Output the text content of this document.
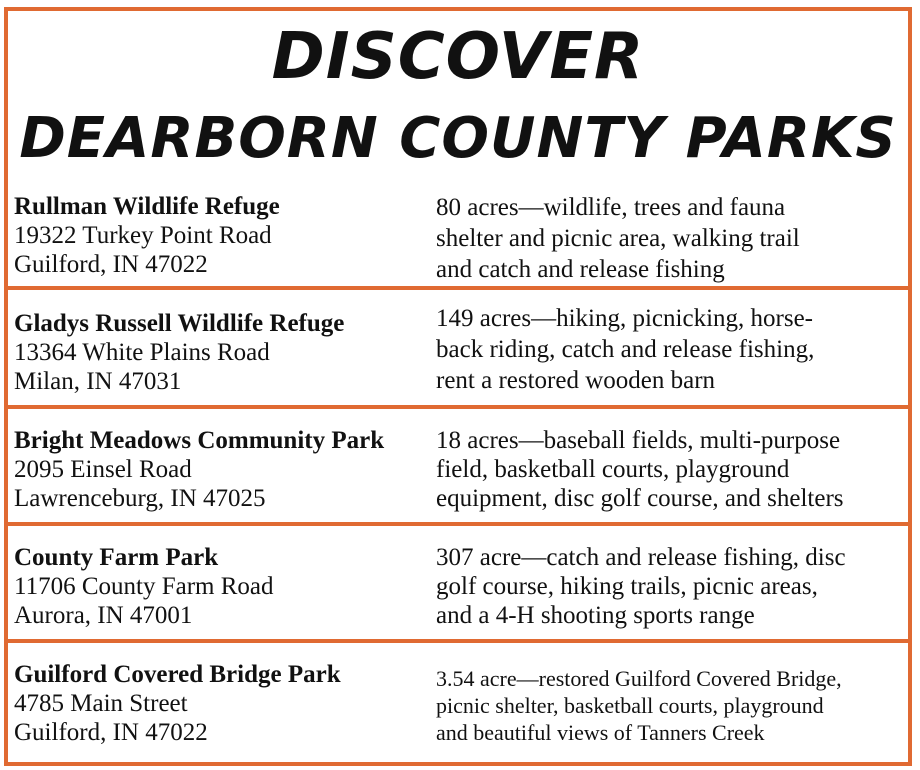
DISCOVER
DEARBORN COUNTY PARKS
Rullman Wildlife Refuge
19322 Turkey Point Road
Guilford, IN 47022
80 acres—wildlife, trees and fauna
shelter and picnic area, walking trail
and catch and release fishing
Gladys Russell Wildlife Refuge
13364 White Plains Road
Milan, IN 47031
149 acres—hiking, picnicking, horse-
back riding, catch and release fishing,
rent a restored wooden barn
Bright Meadows Community Park
2095 Einsel Road
Lawrenceburg, IN 47025
18 acres—baseball fields, multi-purpose
field, basketball courts, playground
equipment, disc golf course, and shelters
County Farm Park
11706 County Farm Road
Aurora, IN 47001
307 acre—catch and release fishing, disc
golf course, hiking trails, picnic areas,
and a 4-H shooting sports range
Guilford Covered Bridge Park
4785 Main Street
Guilford, IN 47022
3.54 acre—restored Guilford Covered Bridge,
picnic shelter, basketball courts, playground
and beautiful views of Tanners Creek
